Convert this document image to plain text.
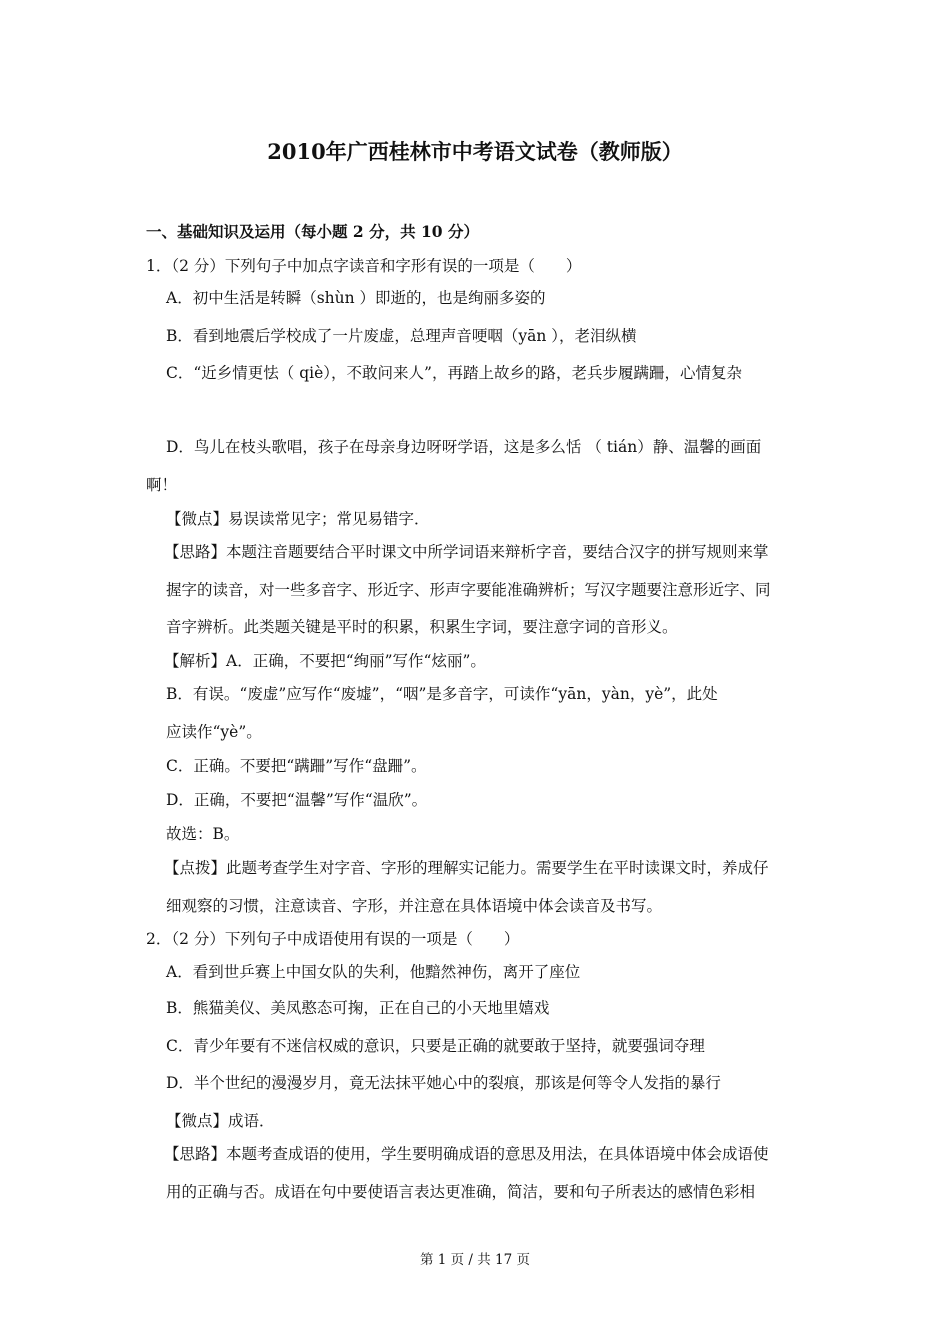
2010年广西桂林市中考语文试卷（教师版）
一、基础知识及运用（每小题 2 分，共 10 分）
1．（2 分）下列句子中加点字读音和字形有误的一项是（　　）
A．初中生活是转瞬（shùn ）即逝的，也是绚丽多姿的
B．看到地震后学校成了一片废虚，总理声音哽咽（yān ），老泪纵横
C．“近乡情更怯（ qiè），不敢问来人”，再踏上故乡的路，老兵步履蹒跚，心情复杂
D．鸟儿在枝头歌唱，孩子在母亲身边呀呀学语，这是多么恬 （ tián）静、温馨的画面
啊！
【微点】易误读常见字；常见易错字．
【思路】本题注音题要结合平时课文中所学词语来辩析字音，要结合汉字的拼写规则来掌
握字的读音，对一些多音字、形近字、形声字要能准确辨析；写汉字题要注意形近字、同
音字辨析。此类题关键是平时的积累，积累生字词，要注意字词的音形义。
【解析】A．正确，不要把“绚丽”写作“炫丽”。
B．有误。“废虚”应写作“废墟”，“咽”是多音字，可读作“yān，yàn，yè”，此处
应读作“yè”。
C．正确。不要把“蹒跚”写作“盘跚”。
D．正确，不要把“温馨”写作“温欣”。
故选：B。
【点拨】此题考查学生对字音、字形的理解实记能力。需要学生在平时读课文时，养成仔
细观察的习惯，注意读音、字形，并注意在具体语境中体会读音及书写。
2．（2 分）下列句子中成语使用有误的一项是（　　）
A．看到世乒赛上中国女队的失利，他黯然神伤，离开了座位
B．熊猫美仪、美凤憨态可掬，正在自己的小天地里嬉戏
C．青少年要有不迷信权威的意识，只要是正确的就要敢于坚持，就要强词夺理
D．半个世纪的漫漫岁月，竟无法抹平她心中的裂痕，那该是何等令人发指的暴行
【微点】成语．
【思路】本题考查成语的使用，学生要明确成语的意思及用法，在具体语境中体会成语使
用的正确与否。成语在句中要使语言表达更准确，简洁，要和句子所表达的感情色彩相
第 1 页 / 共 17 页
